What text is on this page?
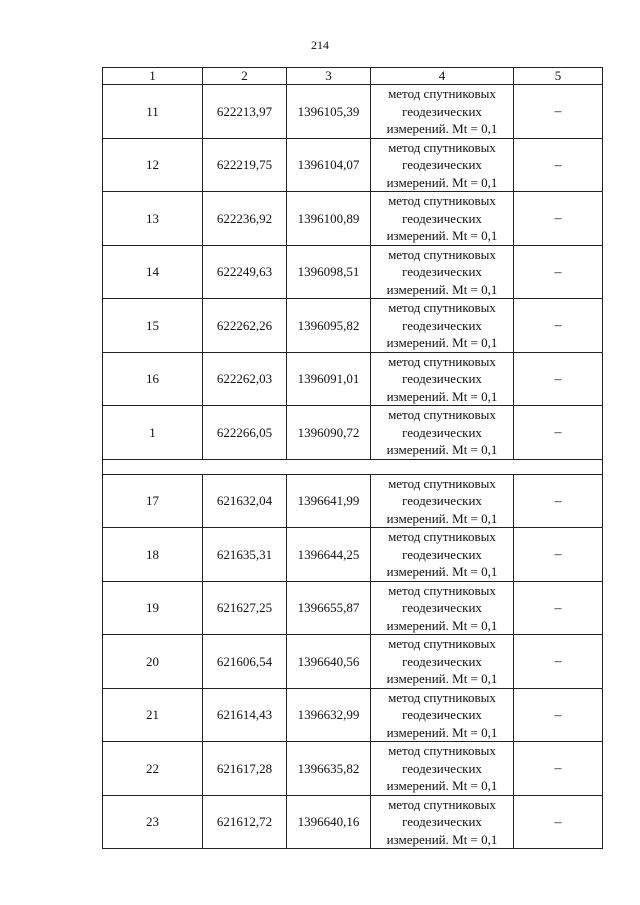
214
1	2	3	4	5
11	622213,97	1396105,39	метод спутниковых
геодезических
измерений. Mt = 0,1	–
12	622219,75	1396104,07	метод спутниковых
геодезических
измерений. Mt = 0,1	–
13	622236,92	1396100,89	метод спутниковых
геодезических
измерений. Mt = 0,1	–
14	622249,63	1396098,51	метод спутниковых
геодезических
измерений. Mt = 0,1	–
15	622262,26	1396095,82	метод спутниковых
геодезических
измерений. Mt = 0,1	–
16	622262,03	1396091,01	метод спутниковых
геодезических
измерений. Mt = 0,1	–
1	622266,05	1396090,72	метод спутниковых
геодезических
измерений. Mt = 0,1	–

17	621632,04	1396641,99	метод спутниковых
геодезических
измерений. Mt = 0,1	–
18	621635,31	1396644,25	метод спутниковых
геодезических
измерений. Mt = 0,1	–
19	621627,25	1396655,87	метод спутниковых
геодезических
измерений. Mt = 0,1	–
20	621606,54	1396640,56	метод спутниковых
геодезических
измерений. Mt = 0,1	–
21	621614,43	1396632,99	метод спутниковых
геодезических
измерений. Mt = 0,1	–
22	621617,28	1396635,82	метод спутниковых
геодезических
измерений. Mt = 0,1	–
23	621612,72	1396640,16	метод спутниковых
геодезических
измерений. Mt = 0,1	–
